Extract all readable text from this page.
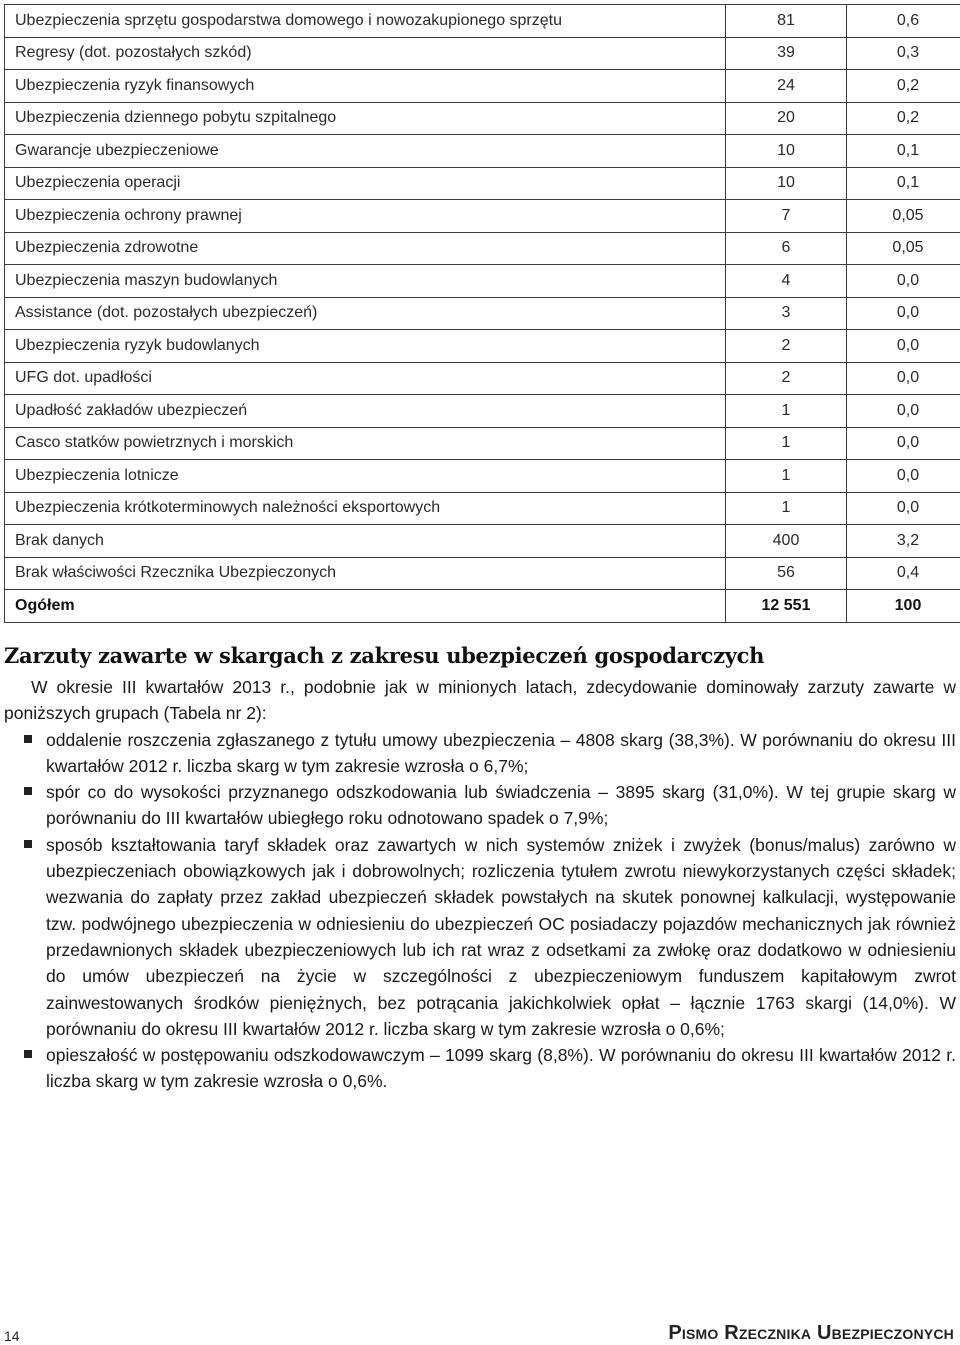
Ubezpieczenia sprzętu gospodarstwa domowego i nowozakupionego sprzętu	81	0,6
Regresy (dot. pozostałych szkód)	39	0,3
Ubezpieczenia ryzyk finansowych	24	0,2
Ubezpieczenia dziennego pobytu szpitalnego	20	0,2
Gwarancje ubezpieczeniowe	10	0,1
Ubezpieczenia operacji	10	0,1
Ubezpieczenia ochrony prawnej	7	0,05
Ubezpieczenia zdrowotne	6	0,05
Ubezpieczenia maszyn budowlanych	4	0,0
Assistance (dot. pozostałych ubezpieczeń)	3	0,0
Ubezpieczenia ryzyk budowlanych	2	0,0
UFG dot. upadłości	2	0,0
Upadłość zakładów ubezpieczeń	1	0,0
Casco statków powietrznych i morskich	1	0,0
Ubezpieczenia lotnicze	1	0,0
Ubezpieczenia krótkoterminowych należności eksportowych	1	0,0
Brak danych	400	3,2
Brak właściwości Rzecznika Ubezpieczonych	56	0,4
Ogółem	12 551	100
Zarzuty zawarte w skargach z zakresu ubezpieczeń gospodarczych

W okresie III kwartałów 2013 r., podobnie jak w minionych latach, zdecydowanie dominowały zarzuty zawarte w poniższych grupach (Tabela nr 2):

oddalenie roszczenia zgłaszanego z tytułu umowy ubezpieczenia – 4808 skarg (38,3%). W porównaniu do okresu III kwartałów 2012 r. liczba skarg w tym zakresie wzrosła o 6,7%;
spór co do wysokości przyznanego odszkodowania lub świadczenia – 3895 skarg (31,0%). W tej grupie skarg w porównaniu do III kwartałów ubiegłego roku odnotowano spadek o 7,9%;
sposób kształtowania taryf składek oraz zawartych w nich systemów zniżek i zwyżek (bonus/malus) zarówno w ubezpieczeniach obowiązkowych jak i dobrowolnych; rozliczenia tytułem zwrotu niewykorzystanych części składek; wezwania do zapłaty przez zakład ubezpieczeń składek powstałych na skutek ponownej kalkulacji, występowanie tzw. podwójnego ubezpieczenia w odniesieniu do ubezpieczeń OC posiadaczy pojazdów mechanicznych jak również przedawnionych składek ubezpieczeniowych lub ich rat wraz z odsetkami za zwłokę oraz dodatkowo w odniesieniu do umów ubezpieczeń na życie w szczególności z ubezpieczeniowym funduszem kapitałowym zwrot zainwestowanych środków pieniężnych, bez potrącania jakichkolwiek opłat – łącznie 1763 skargi (14,0%). W porównaniu do okresu III kwartałów 2012 r. liczba skarg w tym zakresie wzrosła o 0,6%;
opieszałość w postępowaniu odszkodowawczym – 1099 skarg (8,8%). W porównaniu do okresu III kwartałów 2012 r. liczba skarg w tym zakresie wzrosła o 0,6%.
14	Pismo Rzecznika Ubezpieczonych
